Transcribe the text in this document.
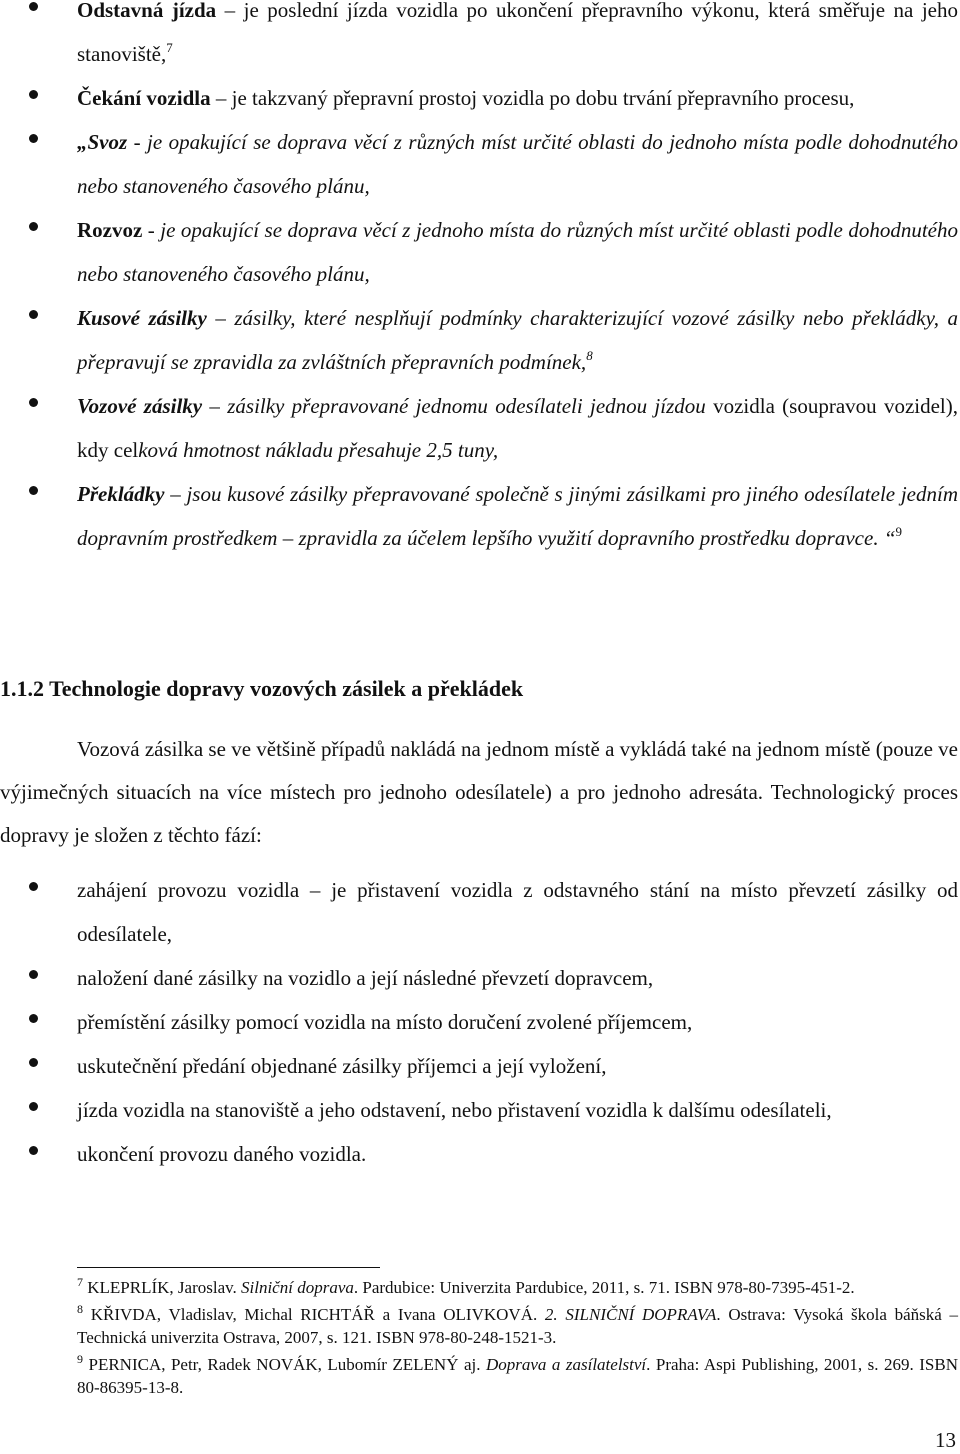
Odstavná jízda – je poslední jízda vozidla po ukončení přepravního výkonu, která směřuje na jeho stanoviště,$^7$
Čekání vozidla – je takzvaný přepravní prostoj vozidla po dobu trvání přepravního procesu,
„Svoz - je opakující se doprava věcí z různých míst určité oblasti do jednoho místa podle dohodnutého nebo stanoveného časového plánu,
Rozvoz - je opakující se doprava věcí z jednoho místa do různých míst určité oblasti podle dohodnutého nebo stanoveného časového plánu,
Kusové zásilky – zásilky, které nesplňují podmínky charakterizující vozové zásilky nebo překládky, a přepravují se zpravidla za zvláštních přepravních podmínek,$^8$
Vozové zásilky – zásilky přepravované jednomu odesílateli jednou jízdou vozidla (soupravou vozidel), kdy celková hmotnost nákladu přesahuje 2,5 tuny,
Překládky – jsou kusové zásilky přepravované společně s jinými zásilkami pro jiného odesílatele jedním dopravním prostředkem – zpravidla za účelem lepšího využití dopravního prostředku dopravce. “$^9$
1.1.2 Technologie dopravy vozových zásilek a překládek

Vozová zásilka se ve většině případů nakládá na jednom místě a vykládá také na jednom místě (pouze ve výjimečných situacích na více místech pro jednoho odesílatele) a pro jednoho adresáta. Technologický proces dopravy je složen z těchto fází:

zahájení provozu vozidla – je přistavení vozidla z odstavného stání na místo převzetí zásilky od odesílatele,
naložení dané zásilky na vozidlo a její následné převzetí dopravcem,
přemístění zásilky pomocí vozidla na místo doručení zvolené příjemcem,
uskutečnění předání objednané zásilky příjemci a její vyložení,
jízda vozidla na stanoviště a jeho odstavení, nebo přistavení vozidla k dalšímu odesílateli,
ukončení provozu daného vozidla.

$^7$ KLEPRLÍK, Jaroslav. Silniční doprava. Pardubice: Univerzita Pardubice, 2011, s. 71. ISBN 978-80-7395-451-2.

$^8$ KŘIVDA, Vladislav, Michal RICHTÁŘ a Ivana OLIVKOVÁ. 2. SILNIČNÍ DOPRAVA. Ostrava: Vysoká škola báňská – Technická univerzita Ostrava, 2007, s. 121. ISBN 978-80-248-1521-3.

$^9$ PERNICA, Petr, Radek NOVÁK, Lubomír ZELENÝ aj. Doprava a zasílatelství. Praha: Aspi Publishing, 2001, s. 269. ISBN 80-86395-13-8.

13
